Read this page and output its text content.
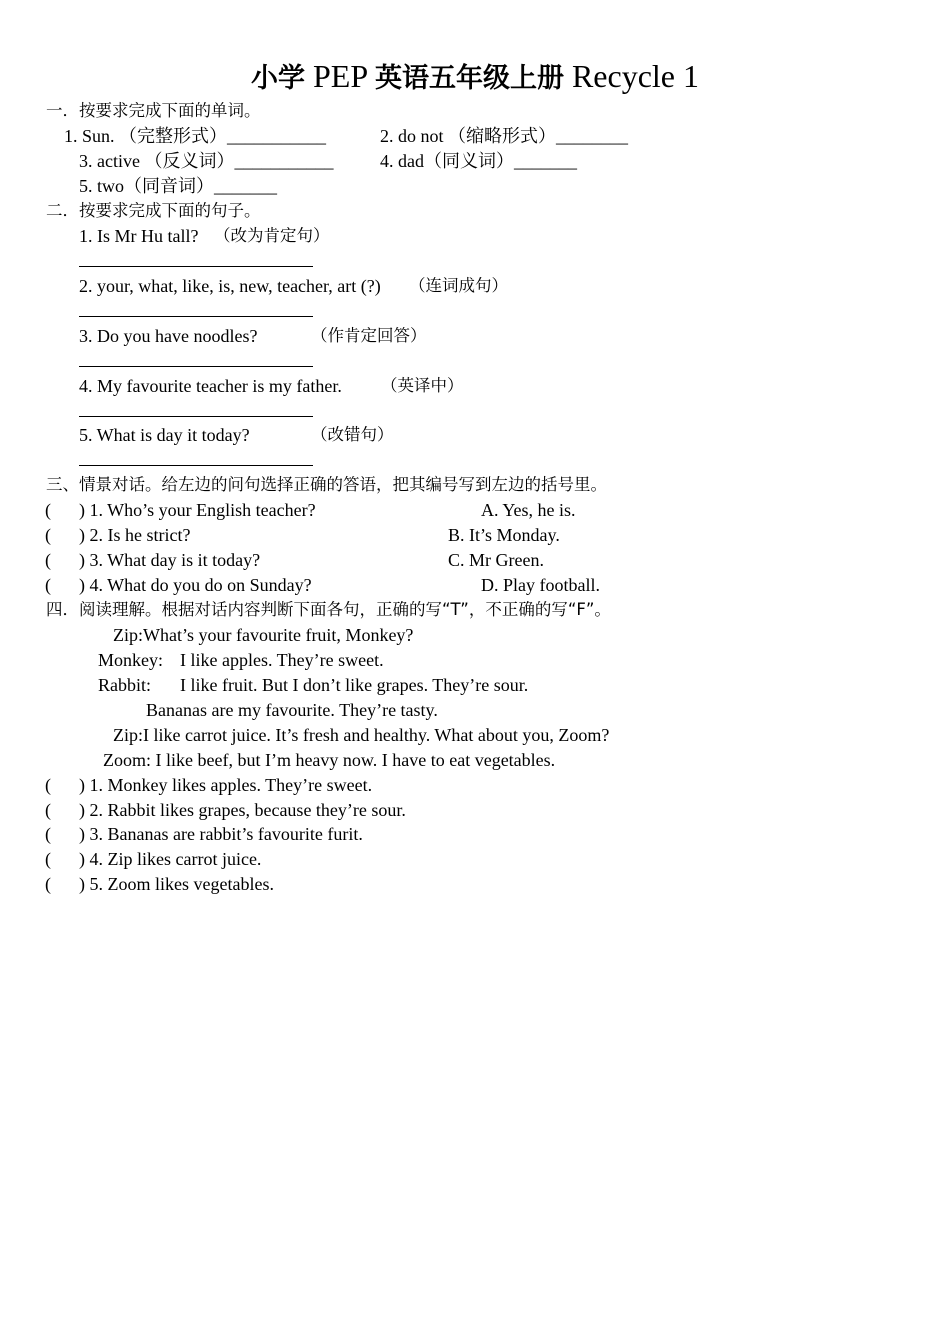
小学 PEP 英语五年级上册 Recycle 1
一．按要求完成下面的单词。
1. Sun. （完整形式）___________	2. do not （缩略形式）________
3. active （反义词）___________	4. dad（同义词）_______
5. two（同音词）_______
二．按要求完成下面的句子。
1. Is Mr Hu tall? （改为肯定句）
2. your, what, like, is, new, teacher, art (?) （连词成句）
3. Do you have noodles?	（作肯定回答）
4. My favourite teacher is my father. （英译中）
5. What is day it today?	（改错句）
三、情景对话。给左边的问句选择正确的答语，把其编号写到左边的括号里。
( ) 1. Who’s your English teacher?	A. Yes, he is.
( ) 2. Is he strict?	B. It’s Monday.
( ) 3. What day is it today?	C. Mr Green.
( ) 4. What do you do on Sunday?	D. Play football.
四．阅读理解。根据对话内容判断下面各句，正确的写“T”，不正确的写“F”。
Zip:What’s your favourite fruit, Monkey?
Monkey: I like apples. They’re sweet.
Rabbit: I like fruit. But I don’t like grapes. They’re sour.
Bananas are my favourite. They’re tasty.
Zip:I like carrot juice. It’s fresh and healthy. What about you, Zoom?
Zoom: I like beef, but I’m heavy now. I have to eat vegetables.
( ) 1. Monkey likes apples. They’re sweet.
( ) 2. Rabbit likes grapes, because they’re sour.
( ) 3. Bananas are rabbit’s favourite furit.
( ) 4. Zip likes carrot juice.
( ) 5. Zoom likes vegetables.
